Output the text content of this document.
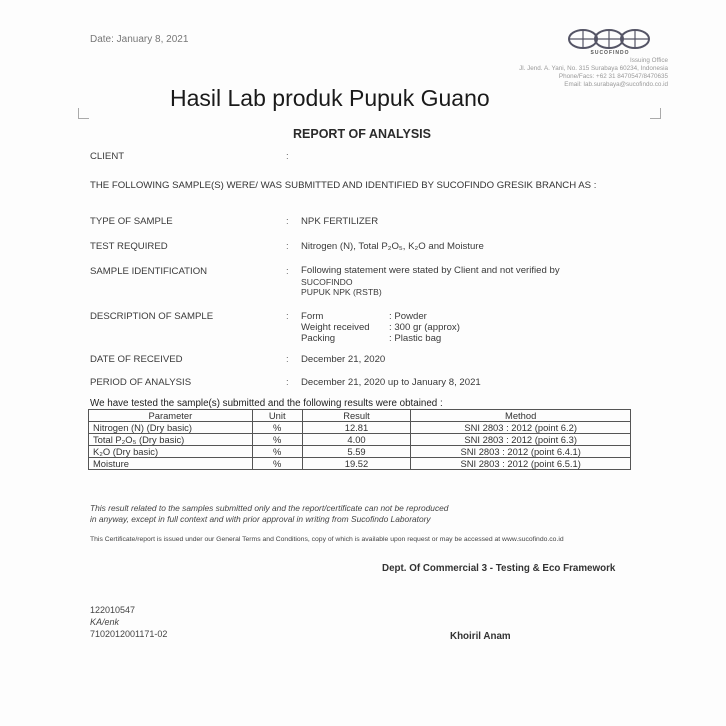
Date: January 8, 2021
SUCOFINDO
Issuing Office
Jl. Jend. A. Yani, No. 315 Surabaya 60234, Indonesia
Phone/Facs: +62 31 8470547/8470635
Email: lab.surabaya@sucofindo.co.id
Hasil Lab produk Pupuk Guano
REPORT OF ANALYSIS
CLIENT	:
THE FOLLOWING SAMPLE(S) WERE/ WAS SUBMITTED AND IDENTIFIED BY SUCOFINDO GRESIK BRANCH AS :
TYPE OF SAMPLE	: NPK FERTILIZER
TEST REQUIRED	: Nitrogen (N), Total P₂O₅, K₂O and Moisture
SAMPLE IDENTIFICATION	: Following statement were stated by Client and not verified by
SUCOFINDO
PUPUK NPK (RSTB)
DESCRIPTION OF SAMPLE	: Form	: Powder
Weight received	: 300 gr (approx)
Packing	: Plastic bag
DATE OF RECEIVED	: December 21, 2020
PERIOD OF ANALYSIS	: December 21, 2020 up to January 8, 2021
We have tested the sample(s) submitted and the following results were obtained :
Parameter	Unit	Result	Method
Nitrogen (N) (Dry basic)	%	12.81	SNI 2803 : 2012 (point 6.2)
Total P₂O₅ (Dry basic)	%	4.00	SNI 2803 : 2012 (point 6.3)
K₂O (Dry basic)	%	5.59	SNI 2803 : 2012 (point 6.4.1)
Moisture	%	19.52	SNI 2803 : 2012 (point 6.5.1)
This result related to the samples submitted only and the report/certificate can not be reproduced
in anyway, except in full context and with prior approval in writing from Sucofindo Laboratory
This Certificate/report is issued under our General Terms and Conditions, copy of which is available upon request or may be accessed at www.sucofindo.co.id
Dept. Of Commercial 3 - Testing & Eco Framework
122010547
KA/enk
7102012001171-02	Khoiril Anam
